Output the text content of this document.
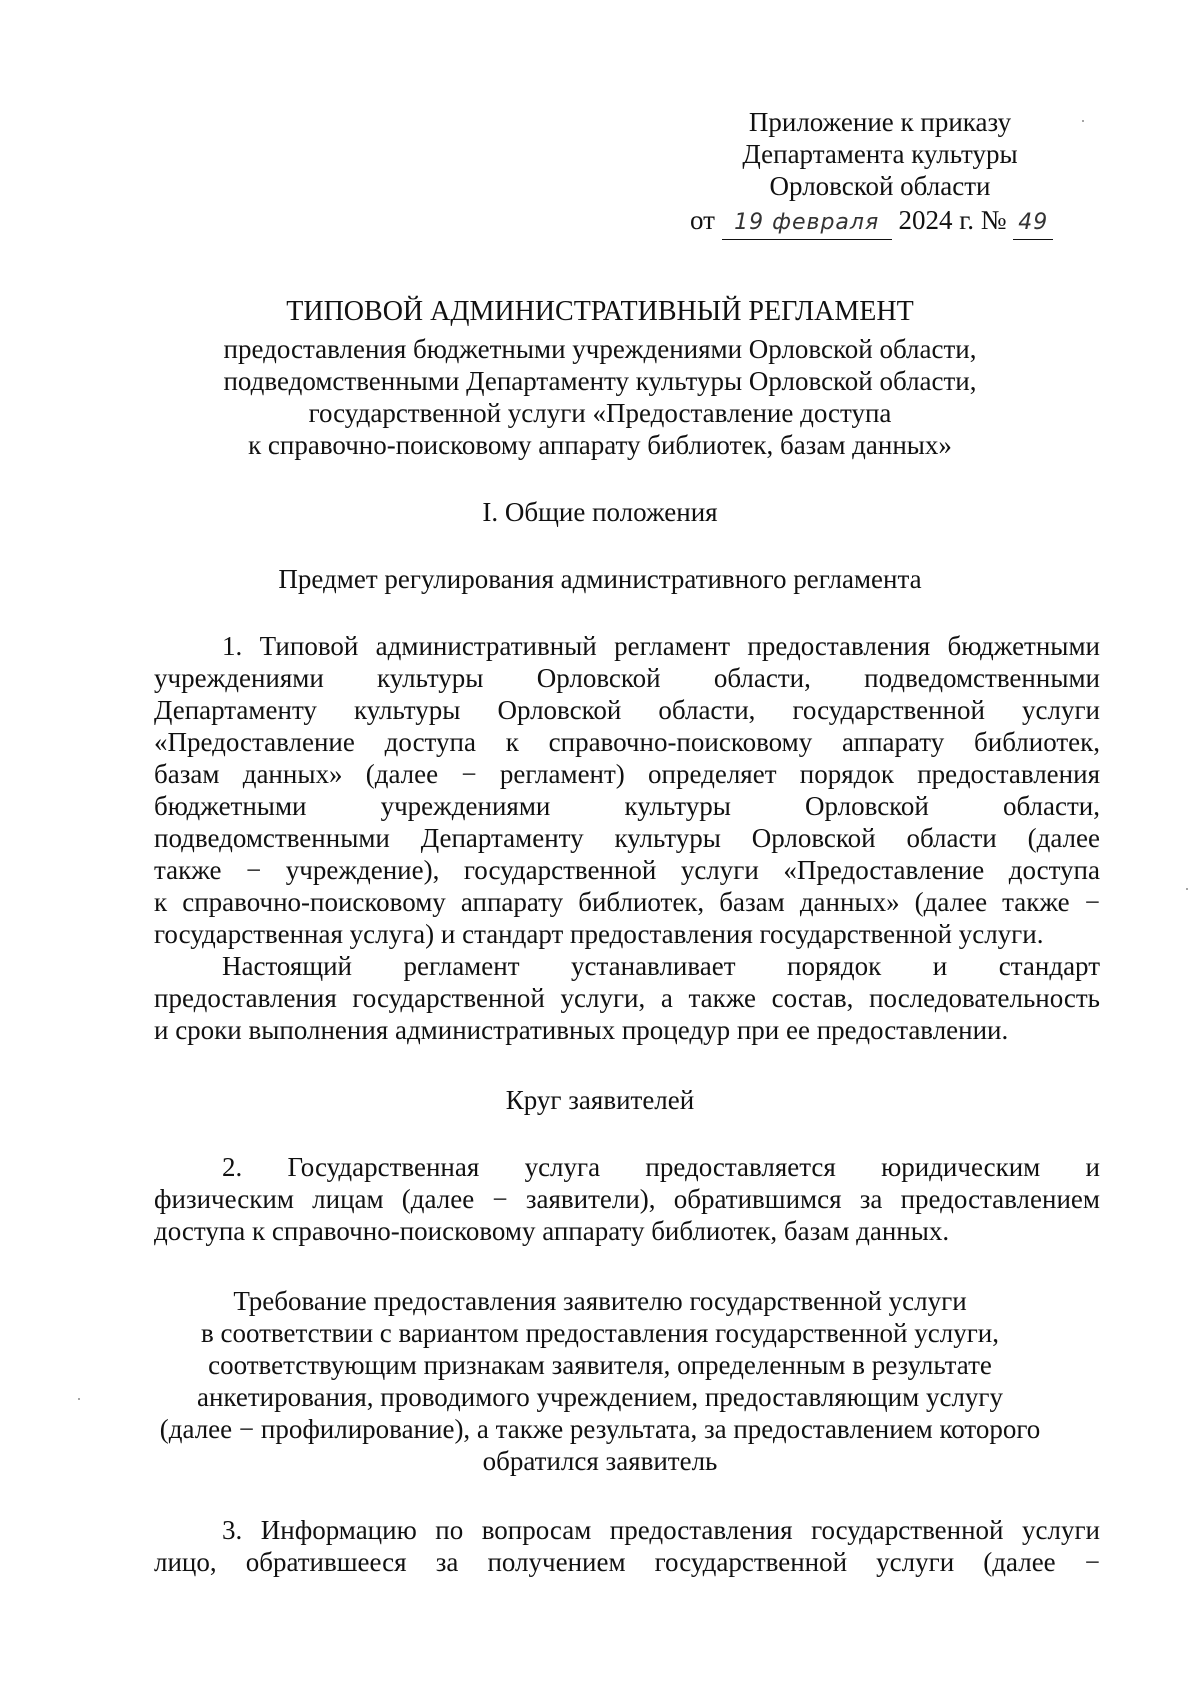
Приложение к приказу
Департамента культуры
Орловской области
от 19 февраля 2024 г. № 49
ТИПОВОЙ АДМИНИСТРАТИВНЫЙ РЕГЛАМЕНТ
предоставления бюджетными учреждениями Орловской области,
подведомственными Департаменту культуры Орловской области,
государственной услуги «Предоставление доступа
к справочно-поисковому аппарату библиотек, базам данных»
I. Общие положения
Предмет регулирования административного регламента
1. Типовой административный регламент предоставления бюджетными
учреждениями культуры Орловской области, подведомственными
Департаменту культуры Орловской области, государственной услуги
«Предоставление доступа к справочно-поисковому аппарату библиотек,
базам данных» (далее − регламент) определяет порядок предоставления
бюджетными учреждениями культуры Орловской области,
подведомственными Департаменту культуры Орловской области (далее
также − учреждение), государственной услуги «Предоставление доступа
к справочно-поисковому аппарату библиотек, базам данных» (далее также −
государственная услуга) и стандарт предоставления государственной услуги.
Настоящий регламент устанавливает порядок и стандарт
предоставления государственной услуги, а также состав, последовательность
и сроки выполнения административных процедур при ее предоставлении.
Круг заявителей
2. Государственная услуга предоставляется юридическим и
физическим лицам (далее − заявители), обратившимся за предоставлением
доступа к справочно-поисковому аппарату библиотек, базам данных.
Требование предоставления заявителю государственной услуги
в соответствии с вариантом предоставления государственной услуги,
соответствующим признакам заявителя, определенным в результате
анкетирования, проводимого учреждением, предоставляющим услугу
(далее − профилирование), а также результата, за предоставлением которого
обратился заявитель
3. Информацию по вопросам предоставления государственной услуги
лицо, обратившееся за получением государственной услуги (далее −
